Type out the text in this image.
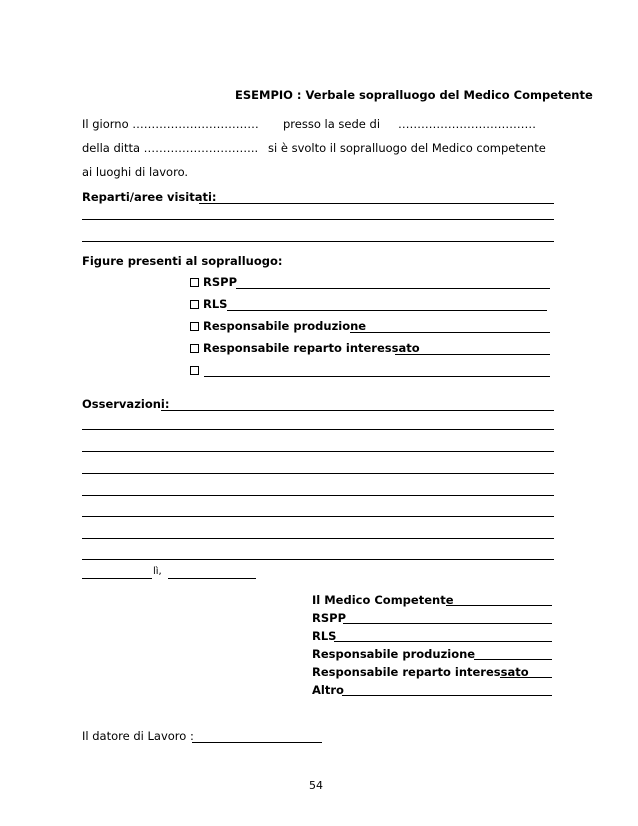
ESEMPIO : Verbale sopralluogo del Medico Competente
Il giorno …………………………… presso la sede di ………………………………
della ditta ………………………... si è svolto il sopralluogo del Medico competente
ai luoghi di lavoro.
Reparti/aree visitati:
Figure presenti al sopralluogo:
RSPP
RLS
Responsabile produzione
Responsabile reparto interessato
Osservazioni:
lì,
Il Medico Competente
RSPP
RLS
Responsabile produzione
Responsabile reparto interessato
Altro
Il datore di Lavoro :
54
